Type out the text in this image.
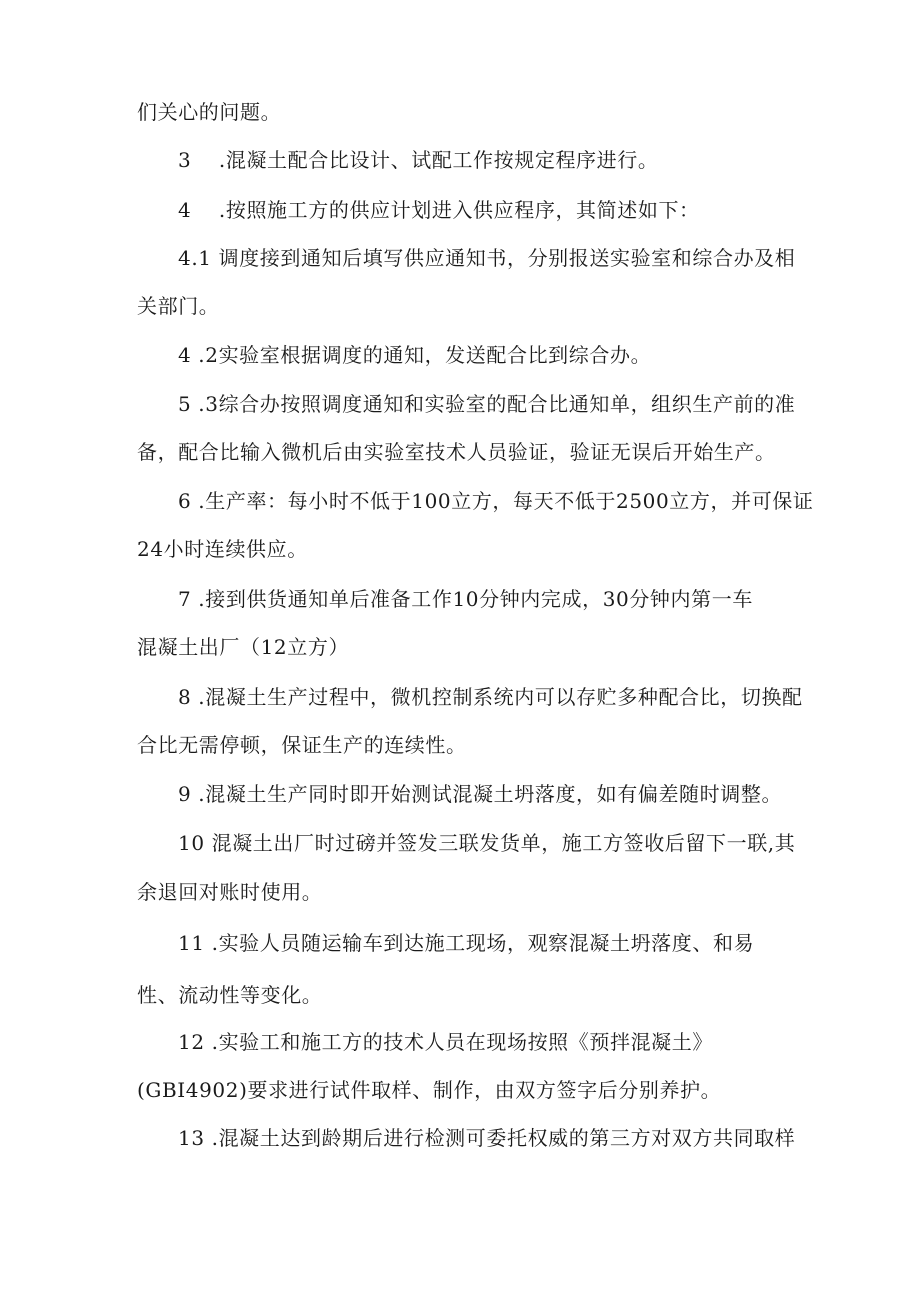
们关心的问题。
3　 .混凝土配合比设计、试配工作按规定程序进行。
4　 .按照施工方的供应计划进入供应程序，其简述如下：
4.1 调度接到通知后填写供应通知书，分别报送实验室和综合办及相
关部门。
4 .2实验室根据调度的通知，发送配合比到综合办。
5 .3综合办按照调度通知和实验室的配合比通知单，组织生产前的准
备，配合比输入微机后由实验室技术人员验证，验证无误后开始生产。
6 .生产率：每小时不低于100立方，每天不低于2500立方，并可保证
24小时连续供应。
7 .接到供货通知单后准备工作10分钟内完成，30分钟内第一车
混凝土出厂（12立方）
8 .混凝土生产过程中，微机控制系统内可以存贮多种配合比，切换配
合比无需停顿，保证生产的连续性。
9 .混凝土生产同时即开始测试混凝土坍落度，如有偏差随时调整。
10 混凝土出厂时过磅并签发三联发货单，施工方签收后留下一联,其
余退回对账时使用。
11 .实验人员随运输车到达施工现场，观察混凝土坍落度、和易
性、流动性等变化。
12 .实验工和施工方的技术人员在现场按照《预拌混凝土》
(GBI4902)要求进行试件取样、制作，由双方签字后分别养护。
13 .混凝土达到龄期后进行检测可委托权威的第三方对双方共同取样
